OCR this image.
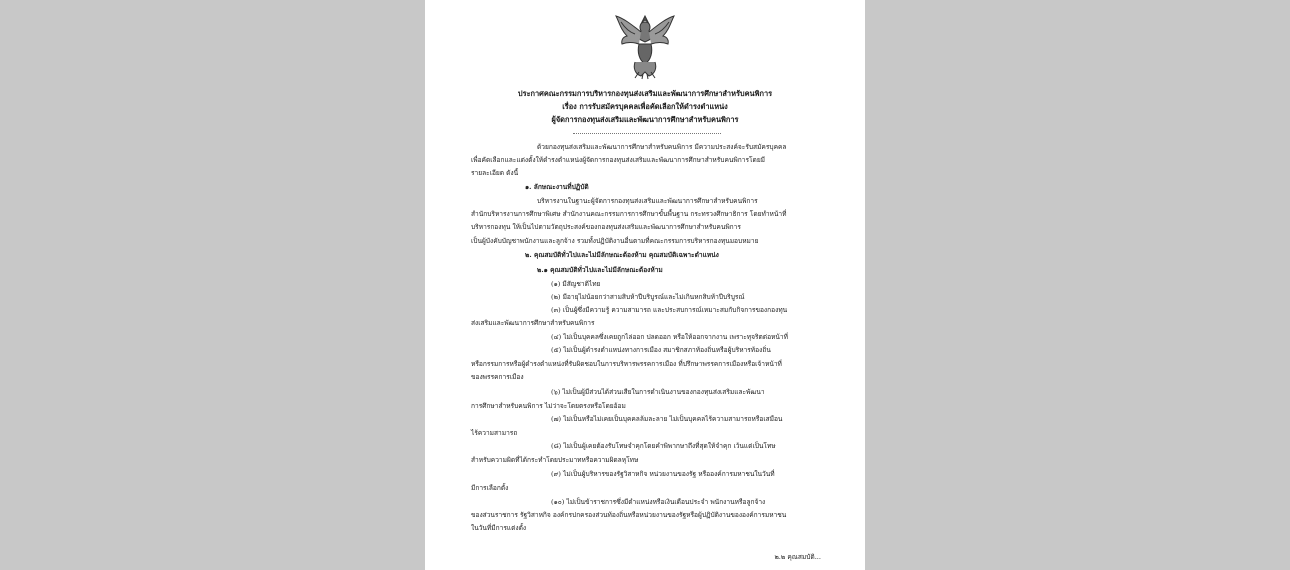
ประกาศคณะกรรมการบริหารกองทุนส่งเสริมและพัฒนาการศึกษาสำหรับคนพิการ
เรื่อง การรับสมัครบุคคลเพื่อคัดเลือกให้ดำรงตำแหน่ง
ผู้จัดการกองทุนส่งเสริมและพัฒนาการศึกษาสำหรับคนพิการ
ด้วยกองทุนส่งเสริมและพัฒนาการศึกษาสำหรับคนพิการ มีความประสงค์จะรับสมัครบุคคล
เพื่อคัดเลือกและแต่งตั้งให้ดำรงตำแหน่งผู้จัดการกองทุนส่งเสริมและพัฒนาการศึกษาสำหรับคนพิการโดยมี
รายละเอียด ดังนี้
๑. ลักษณะงานที่ปฏิบัติ
บริหารงานในฐานะผู้จัดการกองทุนส่งเสริมและพัฒนาการศึกษาสำหรับคนพิการ
สำนักบริหารงานการศึกษาพิเศษ สำนักงานคณะกรรมการการศึกษาขั้นพื้นฐาน กระทรวงศึกษาธิการ โดยทำหน้าที่
บริหารกองทุน ให้เป็นไปตามวัตถุประสงค์ของกองทุนส่งเสริมและพัฒนาการศึกษาสำหรับคนพิการ
เป็นผู้บังคับบัญชาพนักงานและลูกจ้าง รวมทั้งปฏิบัติงานอื่นตามที่คณะกรรมการบริหารกองทุนมอบหมาย
๒. คุณสมบัติทั่วไปและไม่มีลักษณะต้องห้าม คุณสมบัติเฉพาะตำแหน่ง
๒.๑ คุณสมบัติทั่วไปและไม่มีลักษณะต้องห้าม
(๑) มีสัญชาติไทย
(๒) มีอายุไม่น้อยกว่าสามสิบห้าปีบริบูรณ์และไม่เกินหกสิบห้าปีบริบูรณ์
(๓) เป็นผู้ซึ่งมีความรู้ ความสามารถ และประสบการณ์เหมาะสมกับกิจการของกองทุน
ส่งเสริมและพัฒนาการศึกษาสำหรับคนพิการ
(๔) ไม่เป็นบุคคลซึ่งเคยถูกไล่ออก ปลดออก หรือให้ออกจากงาน เพราะทุจริตต่อหน้าที่
(๕) ไม่เป็นผู้ดำรงตำแหน่งทางการเมือง สมาชิกสภาท้องถิ่นหรือผู้บริหารท้องถิ่น
หรือกรรมการหรือผู้ดำรงตำแหน่งที่รับผิดชอบในการบริหารพรรคการเมือง ที่ปรึกษาพรรคการเมืองหรือเจ้าหน้าที่
ของพรรคการเมือง
(๖) ไม่เป็นผู้มีส่วนได้ส่วนเสียในการดำเนินงานของกองทุนส่งเสริมและพัฒนา
การศึกษาสำหรับคนพิการ ไม่ว่าจะโดยตรงหรือโดยอ้อม
(๗) ไม่เป็นหรือไม่เคยเป็นบุคคลล้มละลาย ไม่เป็นบุคคลไร้ความสามารถหรือเสมือน
ไร้ความสามารถ
(๘) ไม่เป็นผู้เคยต้องรับโทษจำคุกโดยคำพิพากษาถึงที่สุดให้จำคุก เว้นแต่เป็นโทษ
สำหรับความผิดที่ได้กระทำโดยประมาทหรือความผิดลหุโทษ
(๙) ไม่เป็นผู้บริหารของรัฐวิสาหกิจ หน่วยงานของรัฐ หรือองค์การมหาชนในวันที่
มีการเลือกตั้ง
(๑๐) ไม่เป็นข้าราชการซึ่งมีตำแหน่งหรือเงินเดือนประจำ พนักงานหรือลูกจ้าง
ของส่วนราชการ รัฐวิสาหกิจ องค์กรปกครองส่วนท้องถิ่นหรือหน่วยงานของรัฐหรือผู้ปฏิบัติงานขององค์การมหาชน
ในวันที่มีการแต่งตั้ง
๒.๒ คุณสมบัติ...
